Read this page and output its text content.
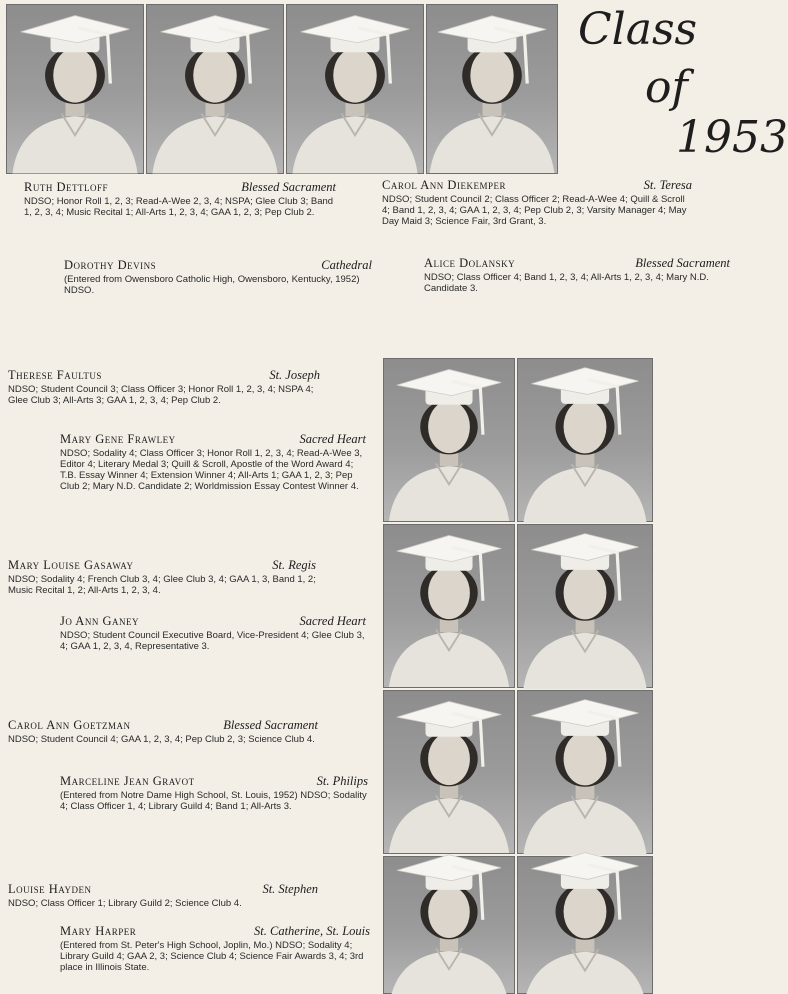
Class
of
1953
Ruth Dettloff	Blessed Sacrament
NDSO; Honor Roll 1, 2, 3; Read-A-Wee 2, 3, 4; NSPA; Glee Club 3; Band 1, 2, 3, 4; Music Recital 1; All-Arts 1, 2, 3, 4; GAA 1, 2, 3; Pep Club 2.
Carol Ann Diekemper	St. Teresa
NDSO; Student Council 2; Class Officer 2; Read-A-Wee 4; Quill & Scroll 4; Band 1, 2, 3, 4; GAA 1, 2, 3, 4; Pep Club 2, 3; Varsity Manager 4; May Day Maid 3; Science Fair, 3rd Grant, 3.
Dorothy Devins	Cathedral
(Entered from Owensboro Catholic High, Owensboro, Kentucky, 1952) NDSO.
Alice Dolansky	Blessed Sacrament
NDSO; Class Officer 4; Band 1, 2, 3, 4; All-Arts 1, 2, 3, 4; Mary N.D. Candidate 3.
Therese Faultus	St. Joseph
NDSO; Student Council 3; Class Officer 3; Honor Roll 1, 2, 3, 4; NSPA 4; Glee Club 3; All-Arts 3; GAA 1, 2, 3, 4; Pep Club 2.
Mary Gene Frawley	Sacred Heart
NDSO; Sodality 4; Class Officer 3; Honor Roll 1, 2, 3, 4; Read-A-Wee 3, Editor 4; Literary Medal 3; Quill & Scroll, Apostle of the Word Award 4; T.B. Essay Winner 4; Extension Winner 4; All-Arts 1; GAA 1, 2, 3; Pep Club 2; Mary N.D. Candidate 2; Worldmission Essay Contest Winner 4.
Mary Louise Gasaway	St. Regis
NDSO; Sodality 4; French Club 3, 4; Glee Club 3, 4; GAA 1, 3, Band 1, 2; Music Recital 1, 2; All-Arts 1, 2, 3, 4.
Jo Ann Ganey	Sacred Heart
NDSO; Student Council Executive Board, Vice-President 4; Glee Club 3, 4; GAA 1, 2, 3, 4, Representative 3.
Carol Ann Goetzman	Blessed Sacrament
NDSO; Student Council 4; GAA 1, 2, 3, 4; Pep Club 2, 3; Science Club 4.
Marceline Jean Gravot	St. Philips
(Entered from Notre Dame High School, St. Louis, 1952) NDSO; Sodality 4; Class Officer 1, 4; Library Guild 4; Band 1; All-Arts 3.
Louise Hayden	St. Stephen
NDSO; Class Officer 1; Library Guild 2; Science Club 4.
Mary Harper	St. Catherine, St. Louis
(Entered from St. Peter's High School, Joplin, Mo.) NDSO; Sodality 4; Library Guild 4; GAA 2, 3; Science Club 4; Science Fair Awards 3, 4; 3rd place in Illinois State.
